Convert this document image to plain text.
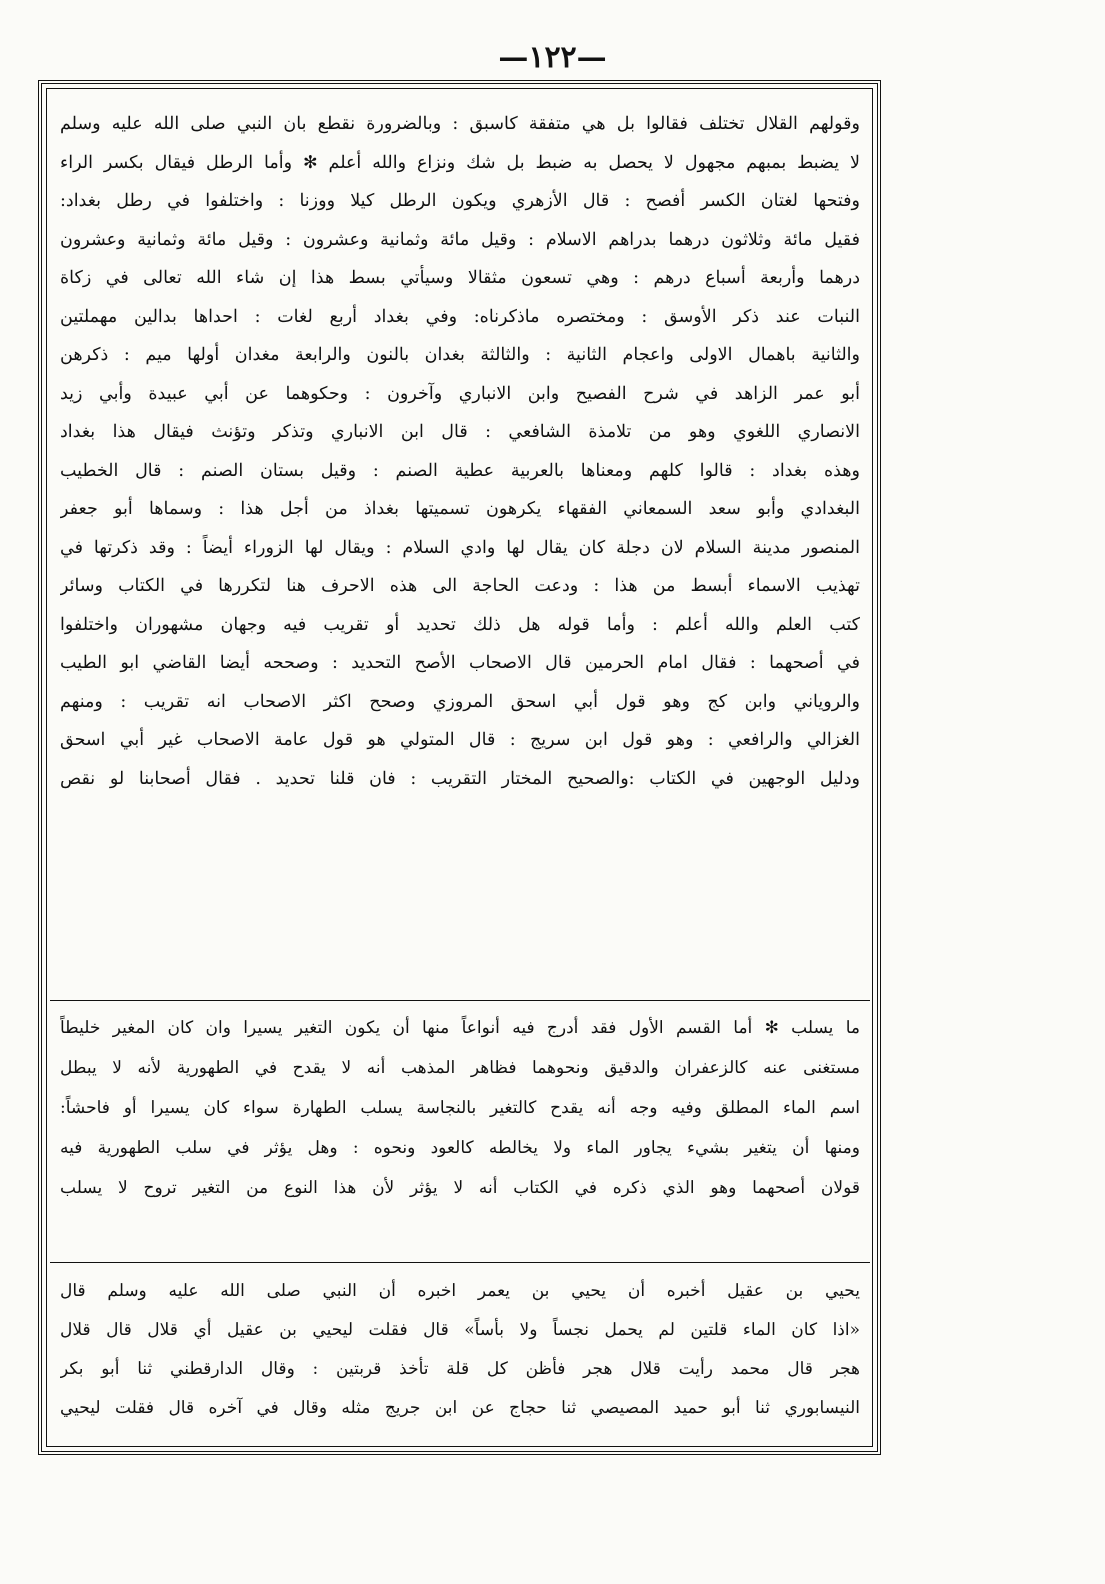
—١٢٢—
وقولهم القلال تختلف فقالوا بل هي متفقة كاسبق : وبالضرورة نقطع بان النبي صلى الله عليه وسلم
لا يضبط بمبهم مجهول لا يحصل به ضبط بل شك ونزاع والله أعلم ✻ وأما الرطل فيقال بكسر الراء
وفتحها لغتان الكسر أفصح : قال الأزهري ويكون الرطل كيلا ووزنا : واختلفوا في رطل بغداد:
فقيل مائة وثلاثون درهما بدراهم الاسلام : وقيل مائة وثمانية وعشرون : وقيل مائة وثمانية وعشرون
درهما وأربعة أسباع درهم : وهي تسعون مثقالا وسيأتي بسط هذا إن شاء الله تعالى في زكاة
النبات عند ذكر الأوسق : ومختصره ماذكرناه: وفي بغداد أربع لغات : احداها بدالين مهملتين
والثانية باهمال الاولى واعجام الثانية : والثالثة بغدان بالنون والرابعة مغدان أولها ميم : ذكرهن
أبو عمر الزاهد في شرح الفصيح وابن الانباري وآخرون : وحكوهما عن أبي عبيدة وأبي زيد
الانصاري اللغوي وهو من تلامذة الشافعي : قال ابن الانباري وتذكر وتؤنث فيقال هذا بغداد
وهذه بغداد : قالوا كلهم ومعناها بالعربية عطية الصنم : وقيل بستان الصنم : قال الخطيب
البغدادي وأبو سعد السمعاني الفقهاء يكرهون تسميتها بغداذ من أجل هذا : وسماها أبو جعفر
المنصور مدينة السلام لان دجلة كان يقال لها وادي السلام : ويقال لها الزوراء أيضاً : وقد ذكرتها في
تهذيب الاسماء أبسط من هذا : ودعت الحاجة الى هذه الاحرف هنا لتكررها في الكتاب وسائر
كتب العلم والله أعلم : وأما قوله هل ذلك تحديد أو تقريب فيه وجهان مشهوران واختلفوا
في أصحهما : فقال امام الحرمين قال الاصحاب الأصح التحديد : وصححه أيضا القاضي ابو الطيب
والروياني وابن كج وهو قول أبي اسحق المروزي وصحح اكثر الاصحاب انه تقريب : ومنهم
الغزالي والرافعي : وهو قول ابن سريج : قال المتولي هو قول عامة الاصحاب غير أبي اسحق
ودليل الوجهين في الكتاب :والصحيح المختار التقريب : فان قلنا تحديد . فقال أصحابنا لو نقص
ما يسلب ✻ أما القسم الأول فقد أدرج فيه أنواعاً منها أن يكون التغير يسيرا وان كان المغير خليطاً
مستغنى عنه كالزعفران والدقيق ونحوهما فظاهر المذهب أنه لا يقدح في الطهورية لأنه لا يبطل
اسم الماء المطلق وفيه وجه أنه يقدح كالتغير بالنجاسة يسلب الطهارة سواء كان يسيرا أو فاحشاً:
ومنها أن يتغير بشيء يجاور الماء ولا يخالطه كالعود ونحوه : وهل يؤثر في سلب الطهورية فيه
قولان أصحهما وهو الذي ذكره في الكتاب أنه لا يؤثر لأن هذا النوع من التغير تروح لا يسلب
يحيي بن عقيل أخبره أن يحيي بن يعمر اخبره أن النبي صلى الله عليه وسلم قال
«اذا كان الماء قلتين لم يحمل نجساً ولا بأساً» قال فقلت ليحيي بن عقيل أي قلال قال قلال
هجر قال محمد رأيت قلال هجر فأظن كل قلة تأخذ قربتين : وقال الدارقطني ثنا أبو بكر
النيسابوري ثنا أبو حميد المصيصي ثنا حجاج عن ابن جريج مثله وقال في آخره قال فقلت ليحيي
